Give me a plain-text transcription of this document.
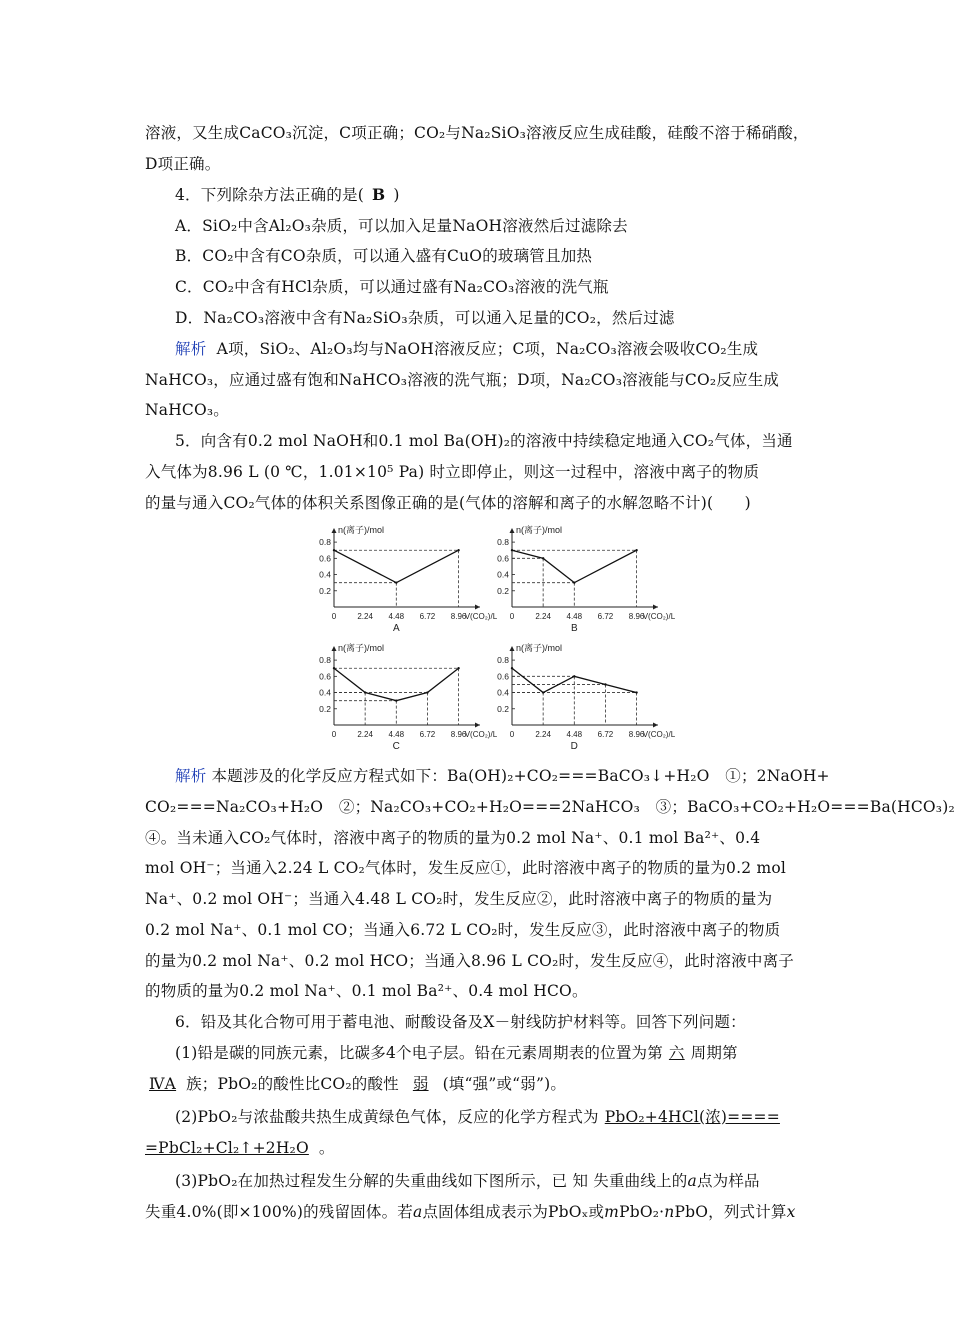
溶液，又生成CaCO₃沉淀，C项正确；CO₂与Na₂SiO₃溶液反应生成硅酸，硅酸不溶于稀硝酸，
D项正确。
4．下列除杂方法正确的是( B )
A．SiO₂中含Al₂O₃杂质，可以加入足量NaOH溶液然后过滤除去
B．CO₂中含有CO杂质，可以通入盛有CuO的玻璃管且加热
C．CO₂中含有HCl杂质，可以通过盛有Na₂CO₃溶液的洗气瓶
D．Na₂CO₃溶液中含有Na₂SiO₃杂质，可以通入足量的CO₂，然后过滤
解析 A项，SiO₂、Al₂O₃均与NaOH溶液反应；C项，Na₂CO₃溶液会吸收CO₂生成
NaHCO₃，应通过盛有饱和NaHCO₃溶液的洗气瓶；D项，Na₂CO₃溶液能与CO₂反应生成
NaHCO₃。
5．向含有0.2 mol NaOH和0.1 mol Ba(OH)₂的溶液中持续稳定地通入CO₂气体，当通
入气体为8.96 L (0 ℃，1.01×10⁵ Pa) 时立即停止，则这一过程中，溶液中离子的物质
的量与通入CO₂气体的体积关系图像正确的是(气体的溶解和离子的水解忽略不计)(　　)
n(离子)/mol
V(CO₂)/L
0.8
0.6
0.4
0.2
0	2.24 4.48 6.72 8.96
A
n(离子)/mol
V(CO₂)/L
0.8
0.6
0.4
0.2
0	2.24 4.48 6.72 8.96
B
n(离子)/mol
V(CO₂)/L
0.8
0.6
0.4
0.2
0	2.24 4.48 6.72 8.96
C
n(离子)/mol
V(CO₂)/L
0.8
0.6
0.4
0.2
0	2.24 4.48 6.72 8.96
D
解析 本题涉及的化学反应方程式如下：Ba(OH)₂+CO₂===BaCO₃↓+H₂O　①；2NaOH+
CO₂===Na₂CO₃+H₂O　②；Na₂CO₃+CO₂+H₂O===2NaHCO₃　③；BaCO₃+CO₂+H₂O===Ba(HCO₃)₂
④。当未通入CO₂气体时，溶液中离子的物质的量为0.2 mol Na⁺、0.1 mol Ba²⁺、0.4
mol OH⁻；当通入2.24 L CO₂气体时，发生反应①，此时溶液中离子的物质的量为0.2 mol
Na⁺、0.2 mol OH⁻；当通入4.48 L CO₂时，发生反应②，此时溶液中离子的物质的量为
0.2 mol Na⁺、0.1 mol CO；当通入6.72 L CO₂时，发生反应③，此时溶液中离子的物质
的量为0.2 mol Na⁺、0.2 mol HCO；当通入8.96 L CO₂时，发生反应④，此时溶液中离子
的物质的量为0.2 mol Na⁺、0.1 mol Ba²⁺、0.4 mol HCO。
6．铅及其化合物可用于蓄电池、耐酸设备及X－射线防护材料等。回答下列问题：
(1)铅是碳的同族元素，比碳多4个电子层。铅在元素周期表的位置为第 六 周期第
ⅣA 族；PbO₂的酸性比CO₂的酸性 弱 (填“强”或“弱”)。
(2)PbO₂与浓盐酸共热生成黄绿色气体，反应的化学方程式为 PbO₂+4HCl(浓)====
=PbCl₂+Cl₂↑+2H₂O 。
(3)PbO₂在加热过程发生分解的失重曲线如下图所示，已 知 失重曲线上的a点为样品
失重4.0%(即×100%)的残留固体。若a点固体组成表示为PbOₓ或mPbO₂·nPbO，列式计算x
